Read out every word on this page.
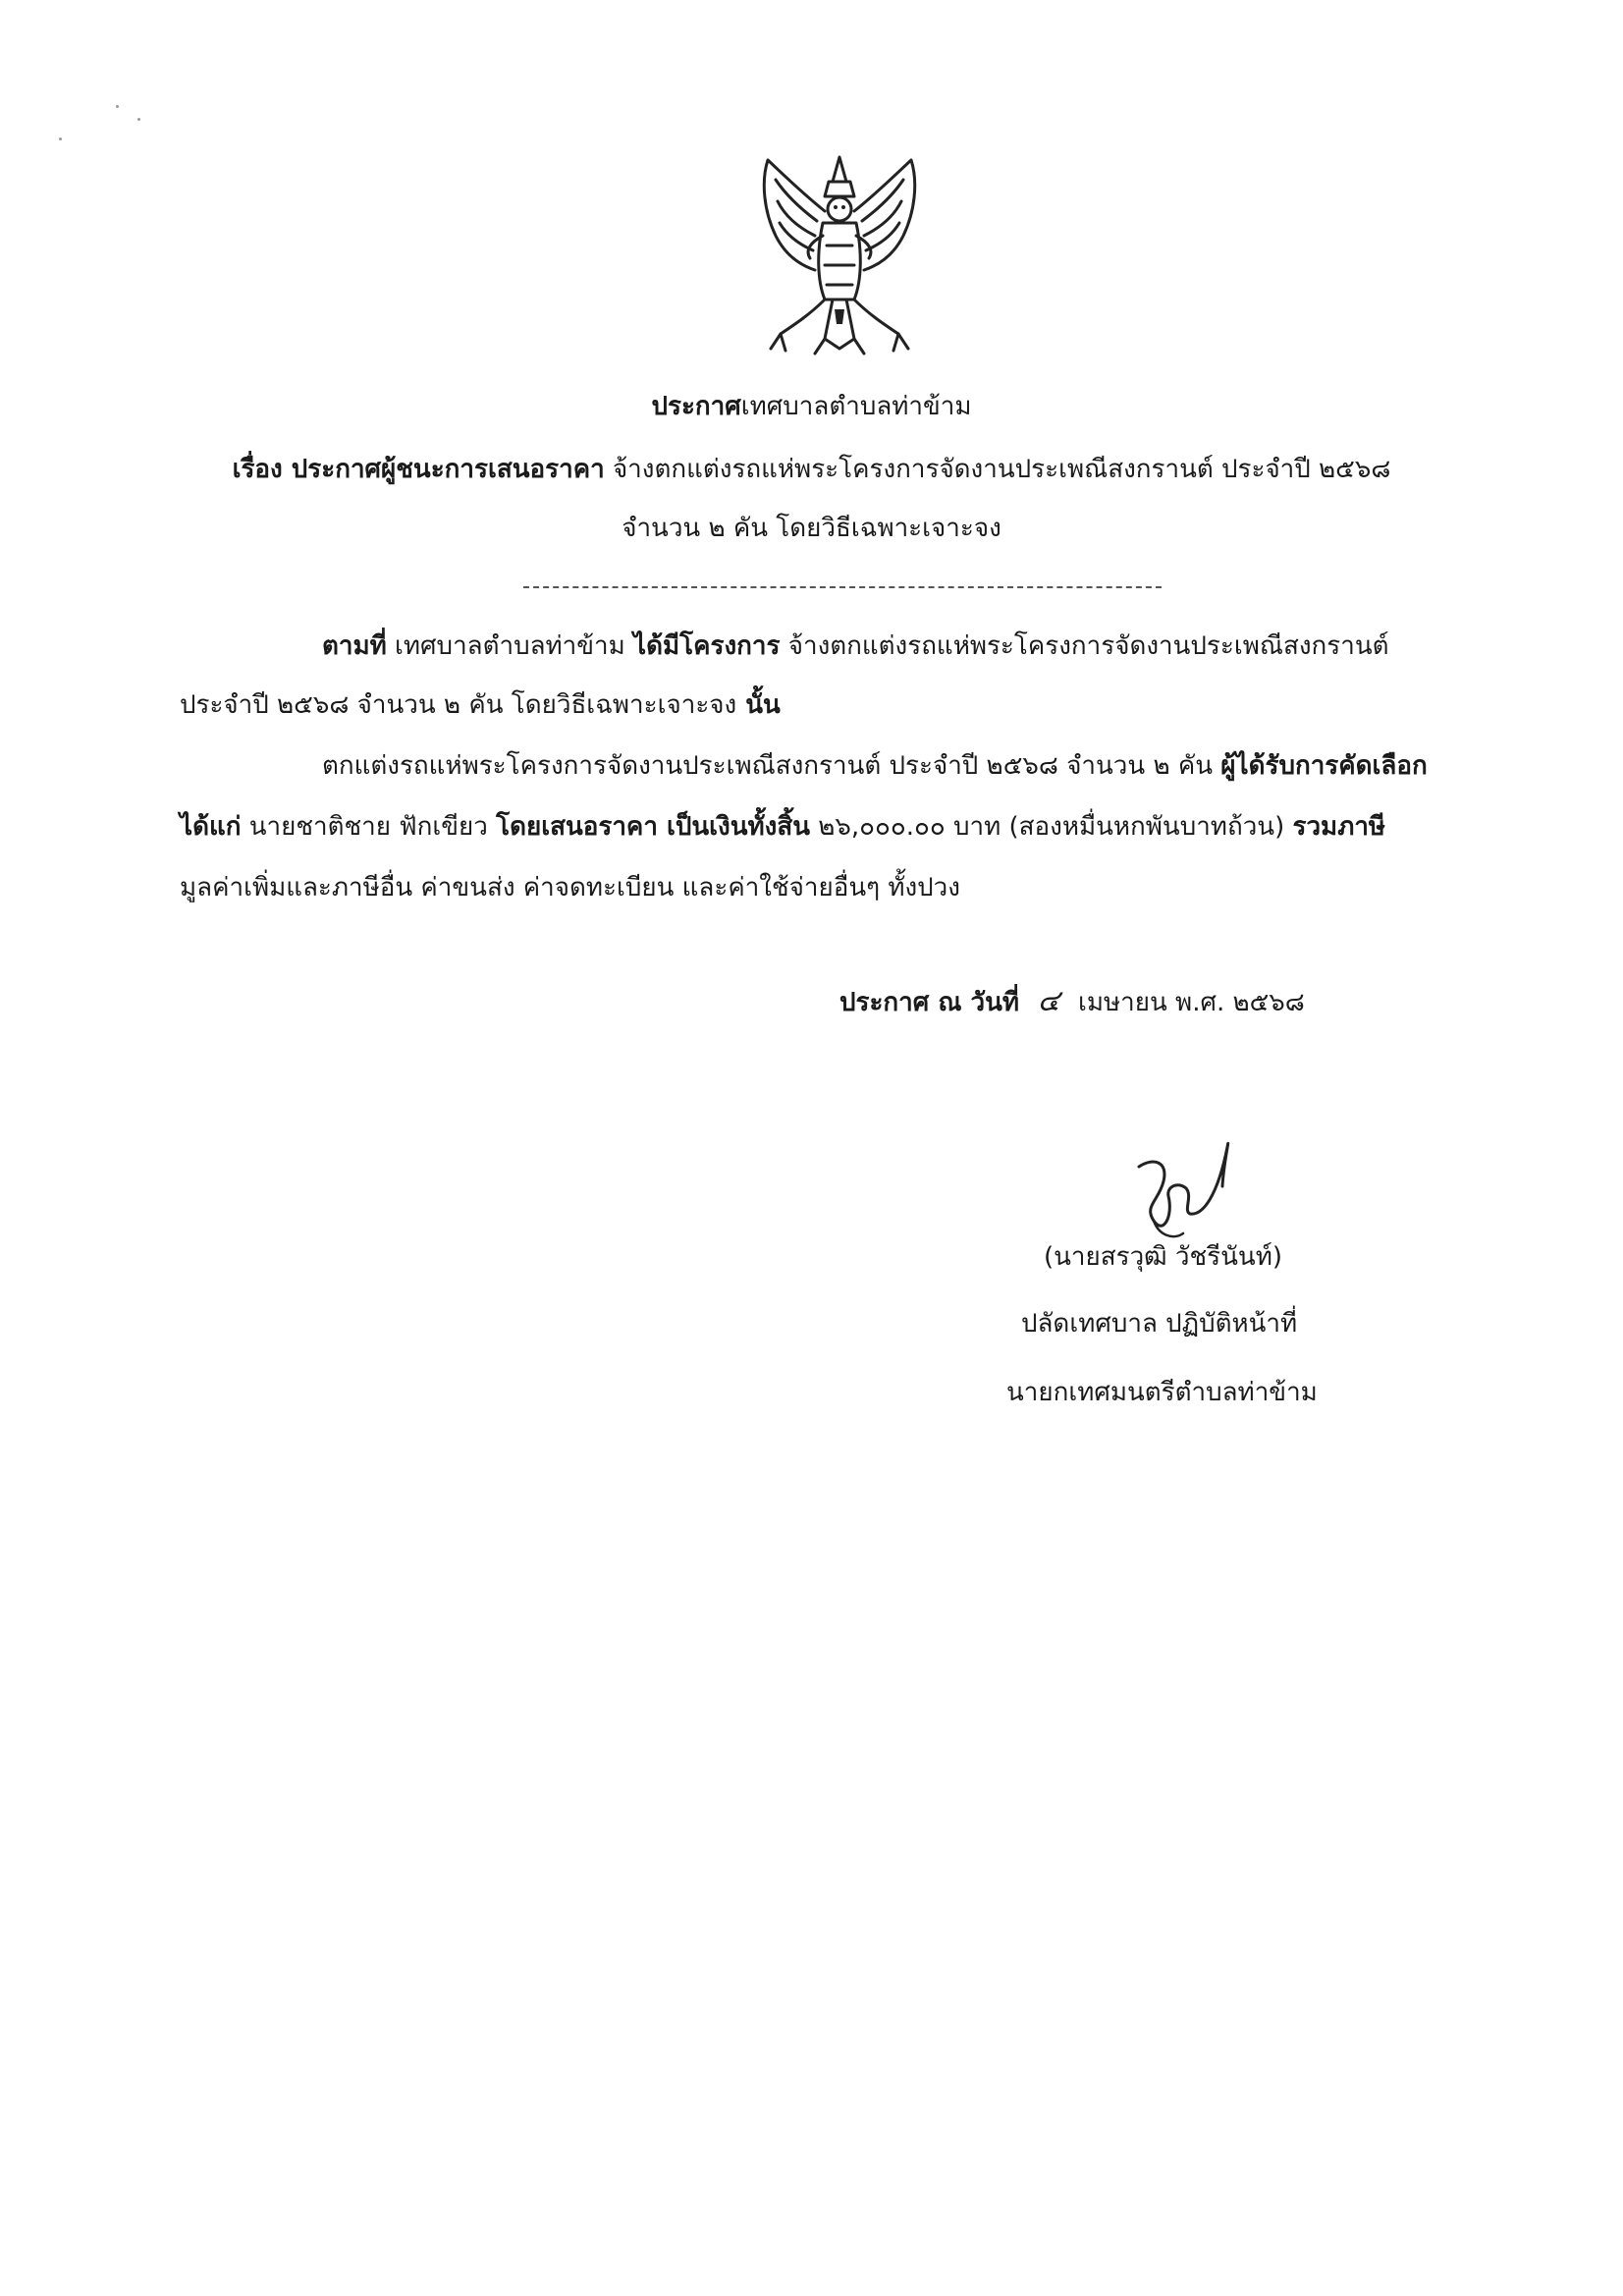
ประกาศเทศบาลตำบลท่าข้าม
เรื่อง ประกาศผู้ชนะการเสนอราคา จ้างตกแต่งรถแห่พระโครงการจัดงานประเพณีสงกรานต์ ประจำปี ๒๕๖๘
จำนวน ๒ คัน โดยวิธีเฉพาะเจาะจง
ตามที่ เทศบาลตำบลท่าข้าม ได้มีโครงการ จ้างตกแต่งรถแห่พระโครงการจัดงานประเพณีสงกรานต์
ประจำปี ๒๕๖๘ จำนวน ๒ คัน โดยวิธีเฉพาะเจาะจง นั้น
ตกแต่งรถแห่พระโครงการจัดงานประเพณีสงกรานต์ ประจำปี ๒๕๖๘ จำนวน ๒ คัน ผู้ได้รับการคัดเลือก
ได้แก่ นายชาติชาย ฟักเขียว โดยเสนอราคา เป็นเงินทั้งสิ้น ๒๖,๐๐๐.๐๐ บาท (สองหมื่นหกพันบาทถ้วน) รวมภาษี
มูลค่าเพิ่มและภาษีอื่น ค่าขนส่ง ค่าจดทะเบียน และค่าใช้จ่ายอื่นๆ ทั้งปวง
ประกาศ ณ วันที่ ๔ เมษายน พ.ศ. ๒๕๖๘
(นายสรวุฒิ วัชรีนันท์)
ปลัดเทศบาล ปฏิบัติหน้าที่
นายกเทศมนตรีตำบลท่าข้าม
